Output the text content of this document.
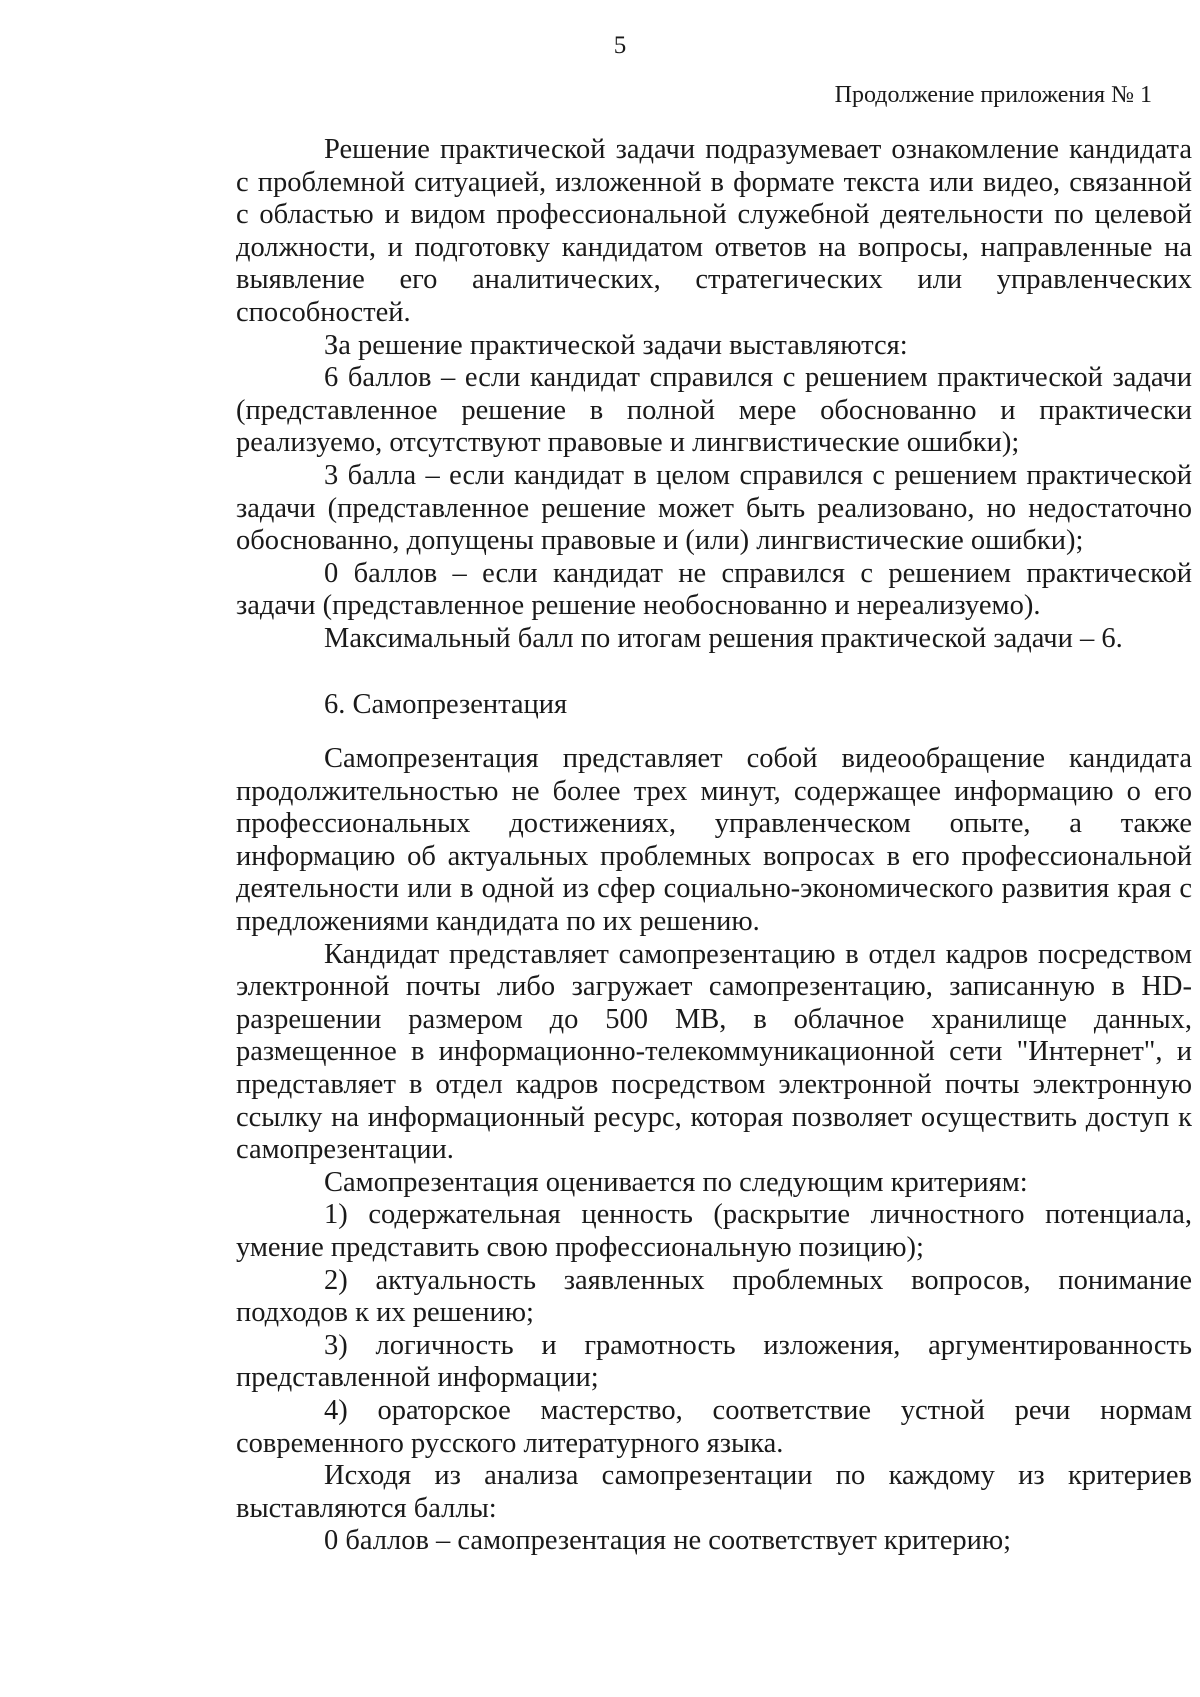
5
Продолжение приложения № 1

Решение практической задачи подразумевает ознакомление кандидата с проблемной ситуацией, изложенной в формате текста или видео, связанной с областью и видом профессиональной служебной деятельности по целевой должности, и подготовку кандидатом ответов на вопросы, направленные на выявление его аналитических, стратегических или управленческих способностей.

За решение практической задачи выставляются:

6 баллов – если кандидат справился с решением практической задачи (представленное решение в полной мере обоснованно и практически реализуемо, отсутствуют правовые и лингвистические ошибки);

3 балла – если кандидат в целом справился с решением практической задачи (представленное решение может быть реализовано, но недостаточно обоснованно, допущены правовые и (или) лингвистические ошибки);

0 баллов – если кандидат не справился с решением практической задачи (представленное решение необоснованно и нереализуемо).

Максимальный балл по итогам решения практической задачи – 6.

6. Самопрезентация

Самопрезентация представляет собой видеообращение кандидата продолжительностью не более трех минут, содержащее информацию о его профессиональных достижениях, управленческом опыте, а также информацию об актуальных проблемных вопросах в его профессиональной деятельности или в одной из сфер социально-экономического развития края с предложениями кандидата по их решению.

Кандидат представляет самопрезентацию в отдел кадров посредством электронной почты либо загружает самопрезентацию, записанную в HD-разрешении размером до 500 MB, в облачное хранилище данных, размещенное в информационно-телекоммуникационной сети "Интернет", и представляет в отдел кадров посредством электронной почты электронную ссылку на информационный ресурс, которая позволяет осуществить доступ к самопрезентации.

Самопрезентация оценивается по следующим критериям:

1) содержательная ценность (раскрытие личностного потенциала, умение представить свою профессиональную позицию);

2) актуальность заявленных проблемных вопросов, понимание подходов к их решению;

3) логичность и грамотность изложения, аргументированность представленной информации;

4) ораторское мастерство, соответствие устной речи нормам современного русского литературного языка.

Исходя из анализа самопрезентации по каждому из критериев выставляются баллы:

0 баллов – самопрезентация не соответствует критерию;
